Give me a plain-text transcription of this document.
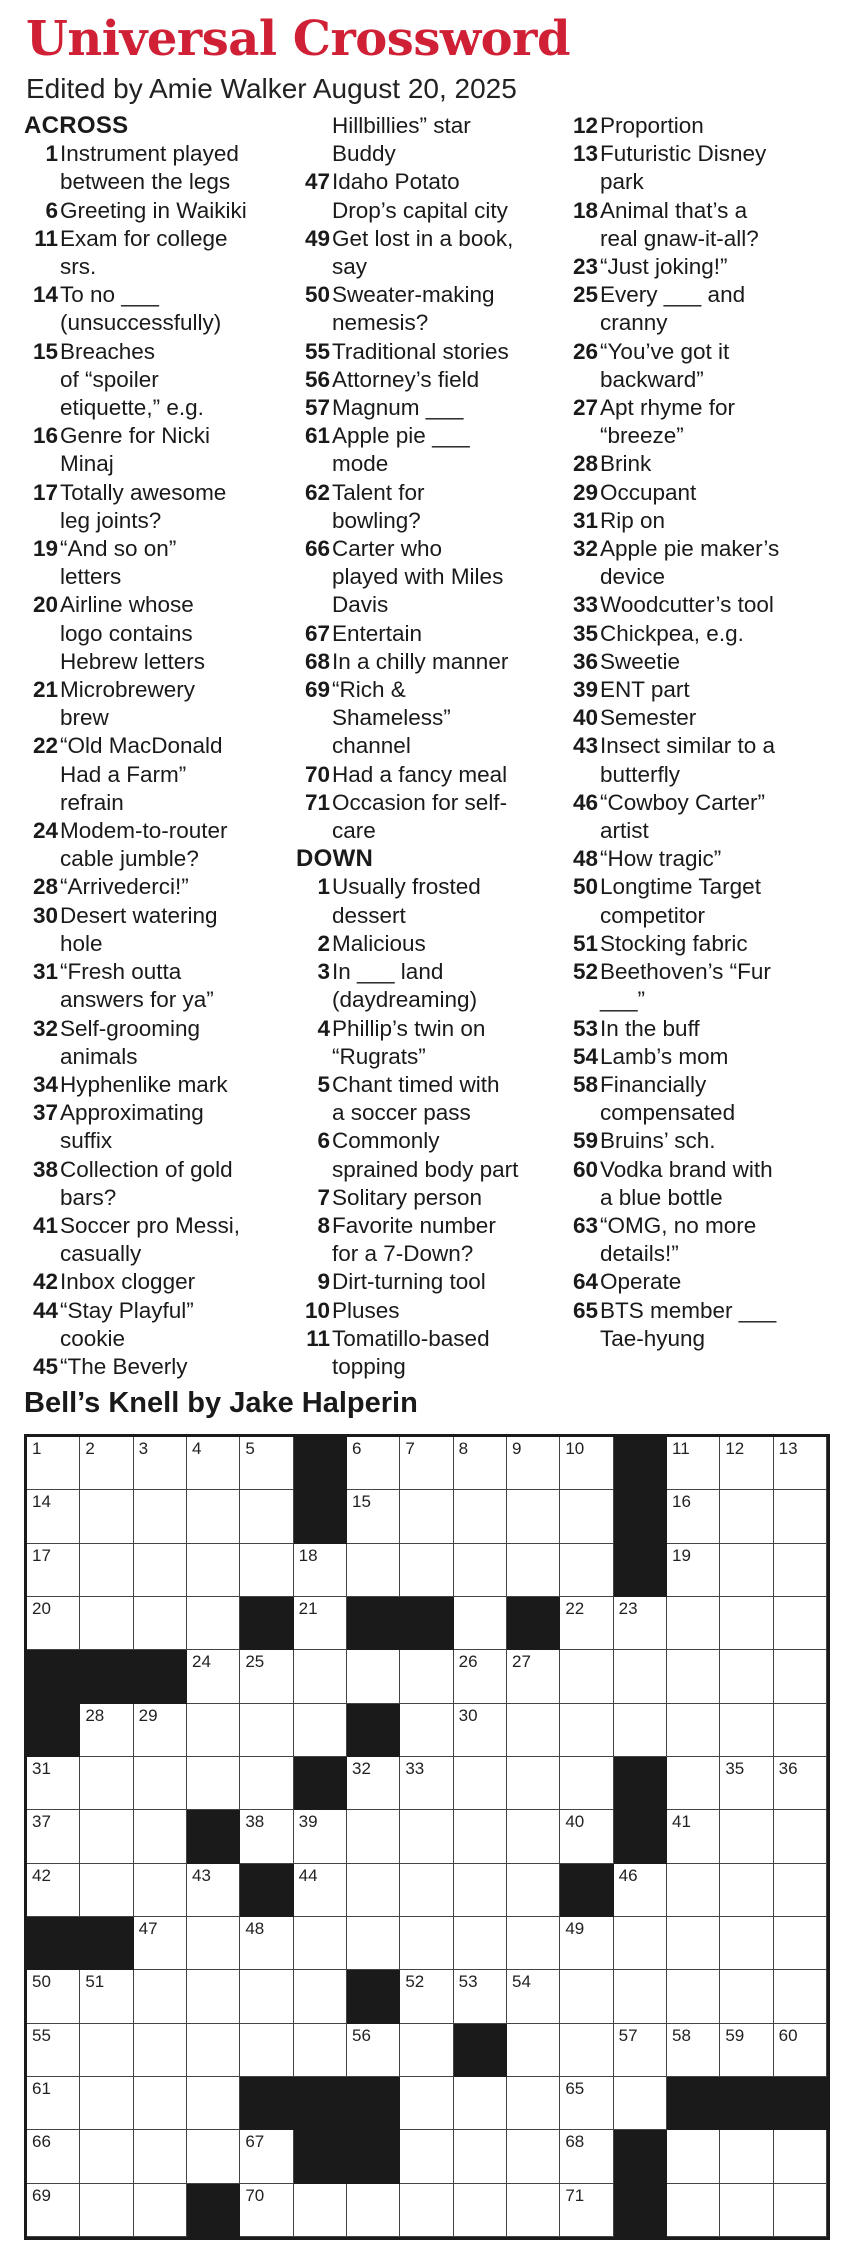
Universal Crossword
Edited by Amie Walker August 20, 2025
ACROSS
1 Instrument played
between the legs
6 Greeting in Waikiki
11 Exam for college
srs.
14 To no ___
(unsuccessfully)
15 Breaches
of “spoiler
etiquette,” e.g.
16 Genre for Nicki
Minaj
17 Totally awesome
leg joints?
19 “And so on”
letters
20 Airline whose
logo contains
Hebrew letters
21 Microbrewery
brew
22 “Old MacDonald
Had a Farm”
refrain
24 Modem-to-router
cable jumble?
28 “Arrivederci!”
30 Desert watering
hole
31 “Fresh outta
answers for ya”
32 Self-grooming
animals
34 Hyphenlike mark
37 Approximating
suffix
38 Collection of gold
bars?
41 Soccer pro Messi,
casually
42 Inbox clogger
44 “Stay Playful”
cookie
45 “The Beverly
Hillbillies” star
Buddy
47 Idaho Potato
Drop’s capital city
49 Get lost in a book,
say
50 Sweater-making
nemesis?
55 Traditional stories
56 Attorney’s field
57 Magnum ___
61 Apple pie ___
mode
62 Talent for
bowling?
66 Carter who
played with Miles
Davis
67 Entertain
68 In a chilly manner
69 “Rich &
Shameless”
channel
70 Had a fancy meal
71 Occasion for self-
care
DOWN
1 Usually frosted
dessert
2 Malicious
3 In ___ land
(daydreaming)
4 Phillip’s twin on
“Rugrats”
5 Chant timed with
a soccer pass
6 Commonly
sprained body part
7 Solitary person
8 Favorite number
for a 7-Down?
9 Dirt-turning tool
10 Pluses
11 Tomatillo-based
topping
12 Proportion
13 Futuristic Disney
park
18 Animal that’s a
real gnaw-it-all?
23 “Just joking!”
25 Every ___ and
cranny
26 “You’ve got it
backward”
27 Apt rhyme for
“breeze”
28 Brink
29 Occupant
31 Rip on
32 Apple pie maker’s
device
33 Woodcutter’s tool
35 Chickpea, e.g.
36 Sweetie
39 ENT part
40 Semester
43 Insect similar to a
butterfly
46 “Cowboy Carter”
artist
48 “How tragic”
50 Longtime Target
competitor
51 Stocking fabric
52 Beethoven’s “Fur
___”
53 In the buff
54 Lamb’s mom
58 Financially
compensated
59 Bruins’ sch.
60 Vodka brand with
a blue bottle
63 “OMG, no more
details!”
64 Operate
65 BTS member ___
Tae-hyung
Bell’s Knell by Jake Halperin
1	2	3	4	5	6	7	8	9	10	11 12 13
14	15	16
17	18	19
20	21	22 23
24 25	26 27
28 29	30
31	32 33	35 36
37	38 39	40	41
42	43	44	46
47	48	49
50 51	52 53 54
55	56	57 58 59 60
61	65
66	67	68
69	70	71
